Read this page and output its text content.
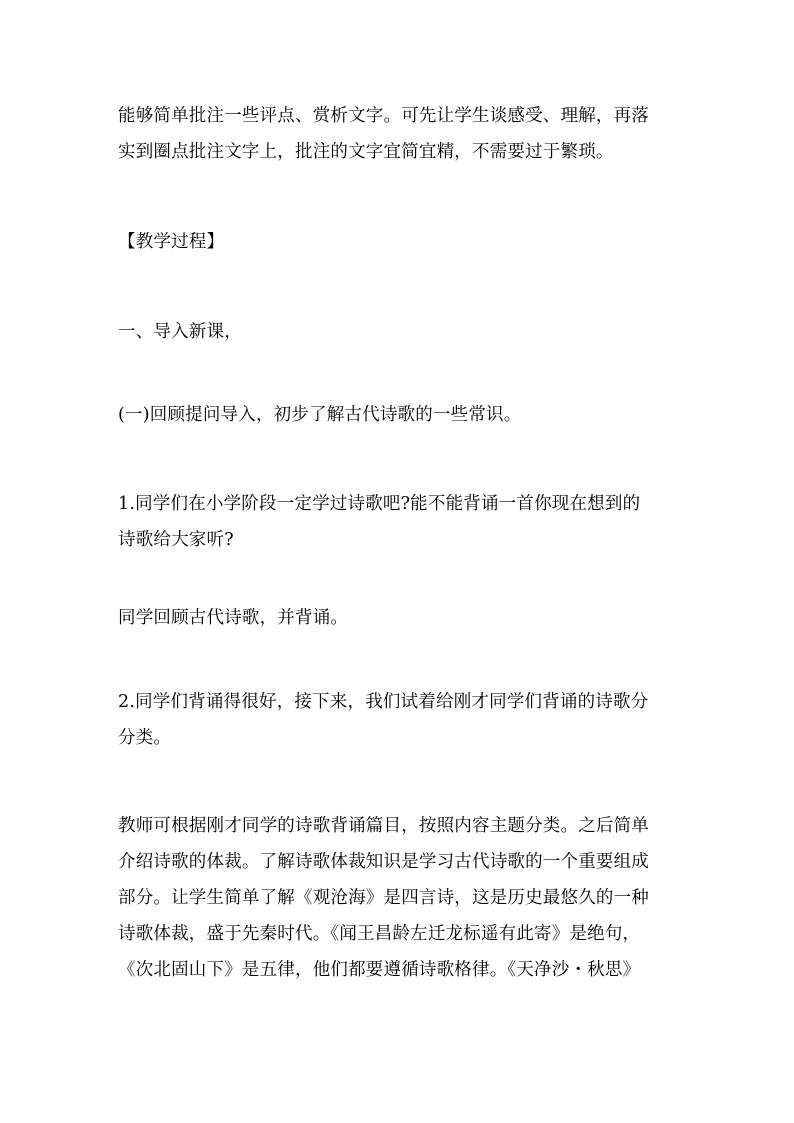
能够简单批注一些评点、赏析文字。可先让学生谈感受、理解，再落
实到圈点批注文字上，批注的文字宜简宜精，不需要过于繁琐。
【教学过程】
一、导入新课，
(一)回顾提问导入，初步了解古代诗歌的一些常识。
1.同学们在小学阶段一定学过诗歌吧?能不能背诵一首你现在想到的
诗歌给大家听?
同学回顾古代诗歌，并背诵。
2.同学们背诵得很好，接下来，我们试着给刚才同学们背诵的诗歌分
分类。
教师可根据刚才同学的诗歌背诵篇目，按照内容主题分类。之后简单
介绍诗歌的体裁。了解诗歌体裁知识是学习古代诗歌的一个重要组成
部分。让学生简单了解《观沧海》是四言诗，这是历史最悠久的一种
诗歌体裁，盛于先秦时代。《闻王昌龄左迁龙标遥有此寄》是绝句，
《次北固山下》是五律，他们都要遵循诗歌格律。《天净沙・秋思》
